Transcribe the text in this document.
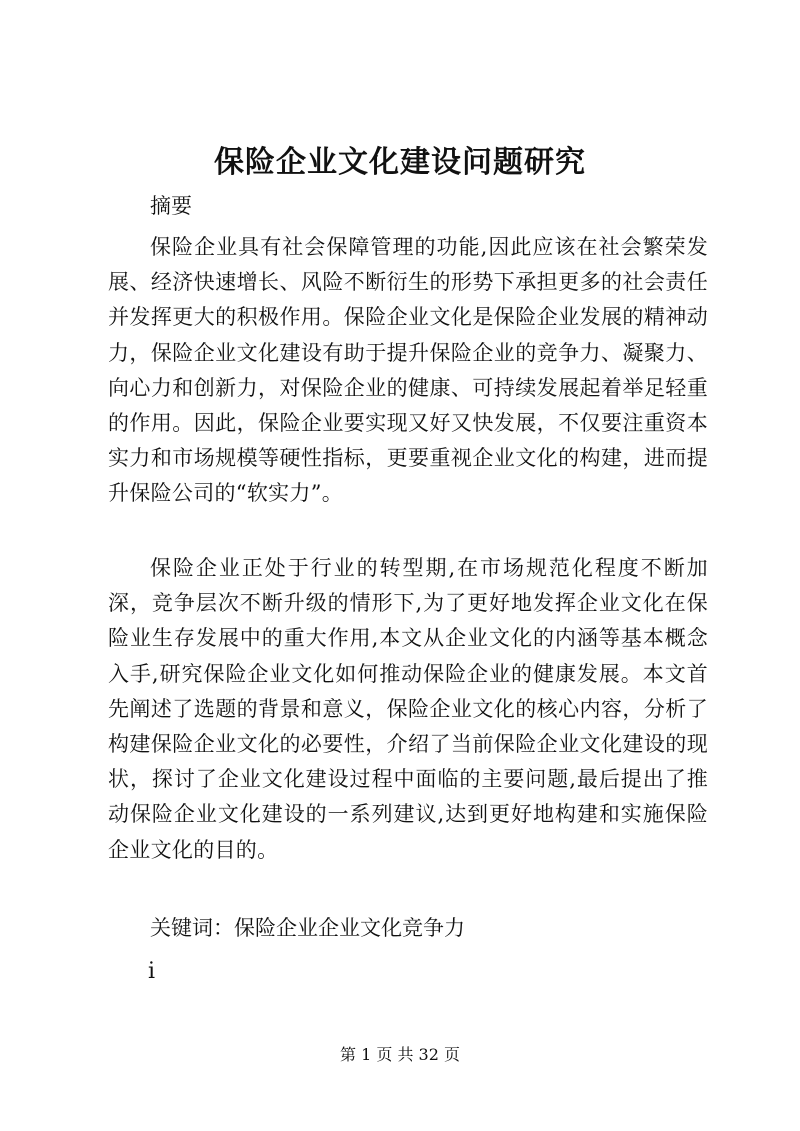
保险企业文化建设问题研究
摘要

保险企业具有社会保障管理的功能,因此应该在社会繁荣发展、经济快速增长、风险不断衍生的形势下承担更多的社会责任并发挥更大的积极作用。保险企业文化是保险企业发展的精神动力，保险企业文化建设有助于提升保险企业的竞争力、凝聚力、向心力和创新力，对保险企业的健康、可持续发展起着举足轻重的作用。因此，保险企业要实现又好又快发展，不仅要注重资本实力和市场规模等硬性指标，更要重视企业文化的构建，进而提升保险公司的“软实力”。

保险企业正处于行业的转型期,在市场规范化程度不断加深，竞争层次不断升级的情形下,为了更好地发挥企业文化在保险业生存发展中的重大作用,本文从企业文化的内涵等基本概念入手,研究保险企业文化如何推动保险企业的健康发展。本文首先阐述了选题的背景和意义，保险企业文化的核心内容，分析了构建保险企业文化的必要性，介绍了当前保险企业文化建设的现状，探讨了企业文化建设过程中面临的主要问题,最后提出了推动保险企业文化建设的一系列建议,达到更好地构建和实施保险企业文化的目的。

关键词：保险企业企业文化竞争力
i
第 1 页 共 32 页
